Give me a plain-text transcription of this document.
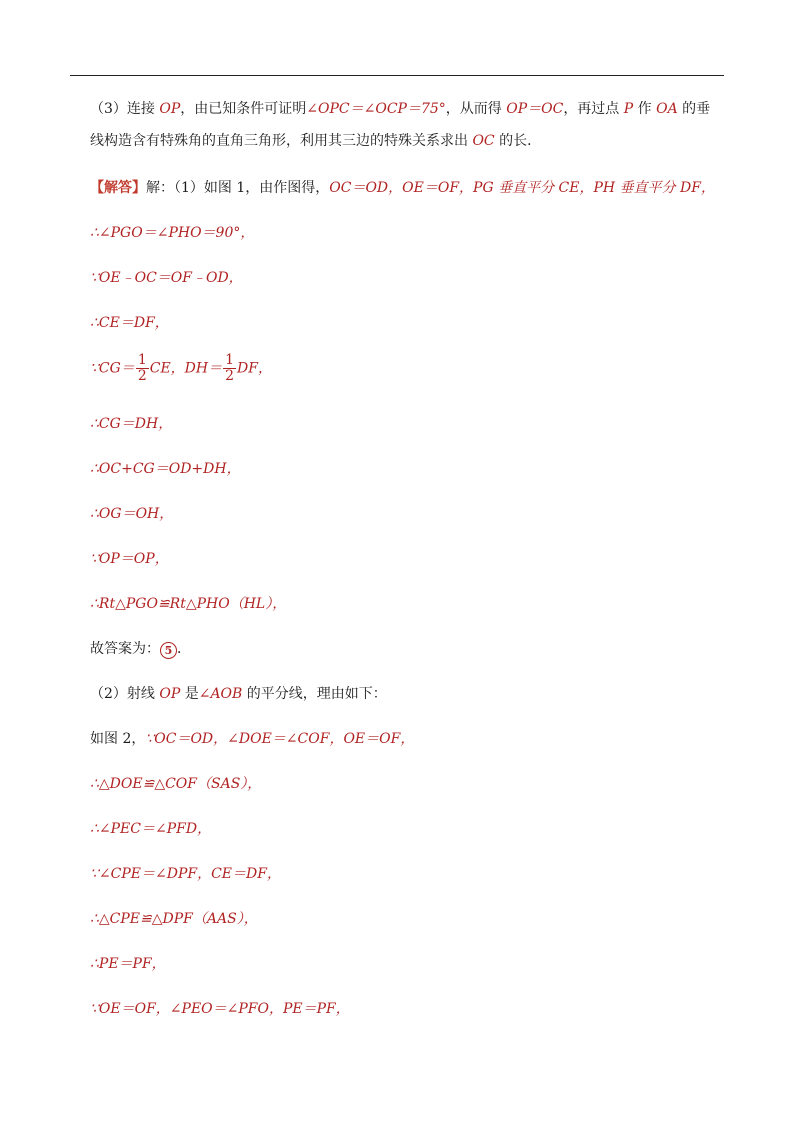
（3）连接 OP，由已知条件可证明∠OPC＝∠OCP＝75°，从而得 OP＝OC，再过点 P 作 OA 的垂线构造含有特殊角的直角三角形，利用其三边的特殊关系求出 OC 的长．
【解答】解：（1）如图 1，由作图得，OC＝OD，OE＝OF，PG 垂直平分 CE，PH 垂直平分 DF，
∴∠PGO＝∠PHO＝90°，
∵OE﹣OC＝OF﹣OD，
∴CE＝DF，
∵CG＝ $\frac{1}{2}$ CE，$DH= \frac{1}{2}$ DF，
∴CG＝DH，
∴OC+CG＝OD+DH，
∴OG＝OH，
∵OP＝OP，
∴Rt△PGO≌Rt△PHO（HL），
故答案为： 5 ．
（2）射线 OP 是∠AOB 的平分线，理由如下：
如图 2，∵OC＝OD，∠DOE＝∠COF，OE＝OF，
∴△DOE≌△COF（SAS），
∴∠PEC＝∠PFD，
∵∠CPE＝∠DPF，CE＝DF，
∴△CPE≌△DPF（AAS），
∴PE＝PF，
∵OE＝OF，∠PEO＝∠PFO，PE＝PF，
